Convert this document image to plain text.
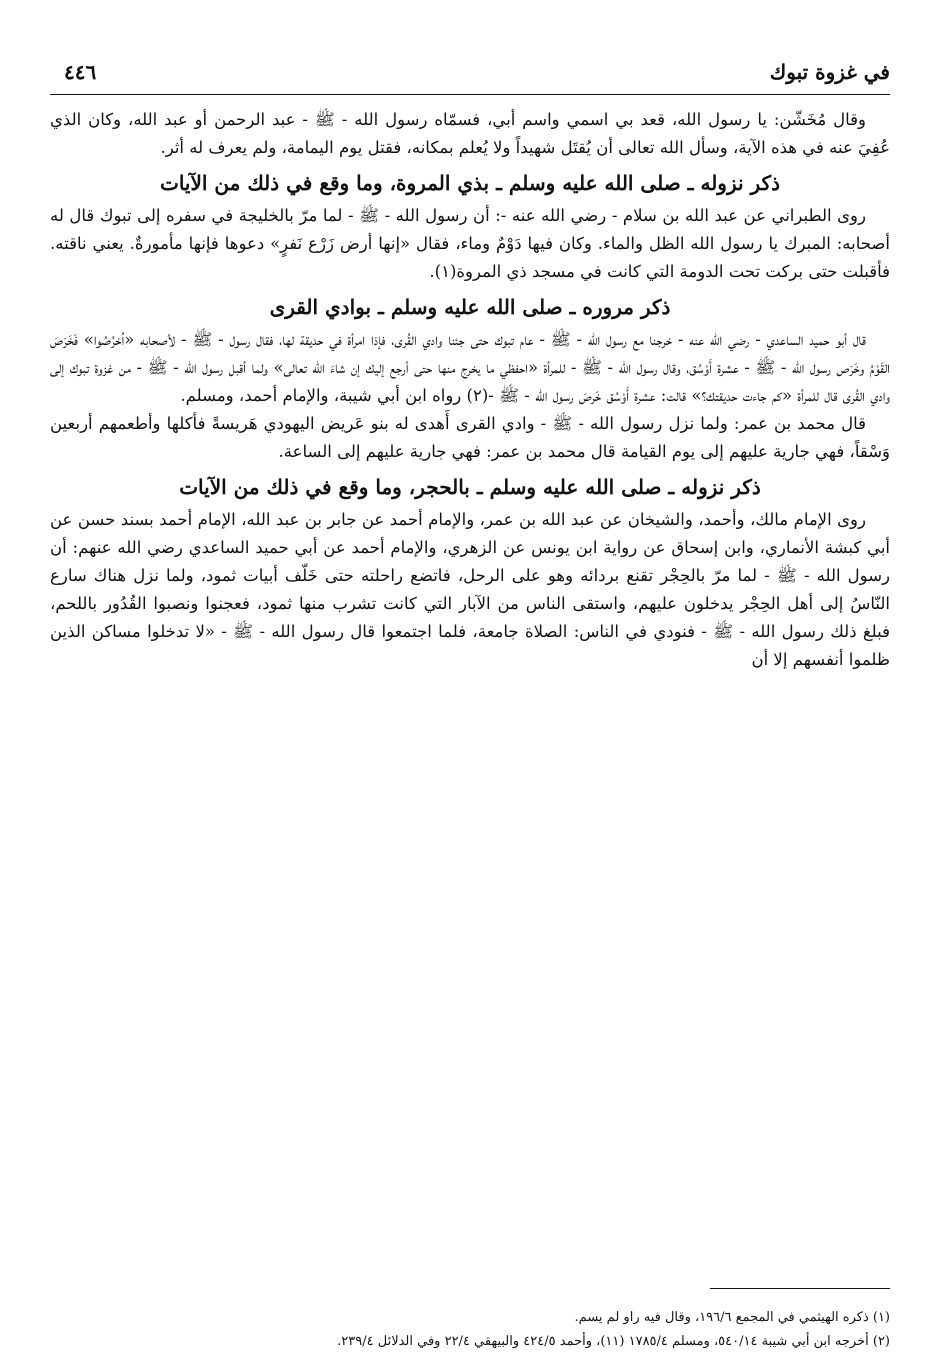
في غزوة تبوك
٤٤٦

وقال مُخَشّن: يا رسول الله، قعد بي اسمي واسم أبي، فسمّاه رسول الله - ﷺ - عبد الرحمن أو عبد الله، وكان الذي عُفِيَ عنه في هذه الآية، وسأل الله تعالى أن يُقتَل شهيداً ولا يُعلم بمكانه، فقتل يوم اليمامة، ولم يعرف له أثر.

ذكر نزوله ـ صلى الله عليه وسلم ـ بذي المروة، وما وقع في ذلك من الآيات

روى الطبراني عن عبد الله بن سلام - رضي الله عنه -: أن رسول الله - ﷺ - لما مرّ بالخليجة في سفره إلى تبوك قال له أصحابه: المبرك يا رسول الله الظل والماء. وكان فيها دَوْمٌ وماء، فقال «إنها أرض زَرْع نَفرٍ» دعوها فإنها مأمورةٌ. يعني ناقته. فأقبلت حتى بركت تحت الدومة التي كانت في مسجد ذي المروة(١).

ذكر مروره ـ صلى الله عليه وسلم ـ بوادي القرى

قال أبو حميد الساعدي - رضي الله عنه - خرجنا مع رسول الله - ﷺ - عام تبوك حتى جئنا وادي القُرى، فإذا امرأة في حديقة لها، فقال رسول - ﷺ - لأصحابه «اُخرُصُوا» فَخَرَصَ القَوْمُ وخَرَص رسول الله - ﷺ - عشرة أَوْسُق، وقال رسول الله - ﷺ - للمرأة «احفظي ما يخرج منها حتى أرجع إليك إن شاءَ الله تعالى» ولما أقبل رسول الله - ﷺ - من غزوة تبوك إلى وادي القُرى قال للمرأة «كم جاءت حديقتك؟» قالت: عشرة أَوْسُق خَرصَ رسول الله - ﷺ -(٢) رواه ابن أبي شيبة، والإمام أحمد، ومسلم.

قال محمد بن عمر: ولما نزل رسول الله - ﷺ - وادي القرى أَهدى له بنو عَريض اليهودي هَريسةً فأكلها وأطعمهم أربعين وَسْقاً، فهي جارية عليهم إلى يوم القيامة قال محمد بن عمر: فهي جارية عليهم إلى الساعة.

ذكر نزوله ـ صلى الله عليه وسلم ـ بالحجر، وما وقع في ذلك من الآيات

روى الإمام مالك، وأحمد، والشيخان عن عبد الله بن عمر، والإمام أحمد عن جابر بن عبد الله، الإمام أحمد بسند حسن عن أبي كبشة الأنماري، وابن إسحاق عن رواية ابن يونس عن الزهري، والإمام أحمد عن أبي حميد الساعدي رضي الله عنهم: أن رسول الله - ﷺ - لما مرّ بالحِجْر تقنع بردائه وهو على الرحل، فاتضع راحلته حتى خَلّف أبيات ثمود، ولما نزل هناك سارع النّاسُ إلى أهل الحِجْر يدخلون عليهم، واستقى الناس من الآبار التي كانت تشرب منها ثمود، فعجنوا ونصبوا القُدُور باللحم، فبلغ ذلك رسول الله - ﷺ - فنودي في الناس: الصلاة جامعة، فلما اجتمعوا قال رسول الله - ﷺ - «لا تدخلوا مساكن الذين ظلموا أنفسهم إلا أن

(١) ذكره الهيثمي في المجمع ١٩٦/٦، وقال فيه راو لم يسم.
(٢) أخرجه ابن أبي شيبة ٥٤٠/١٤، ومسلم ١٧٨٥/٤ (١١)، وأحمد ٤٢٤/٥ والبيهقي ٢٢/٤ وفي الدلائل ٢٣٩/٤.
